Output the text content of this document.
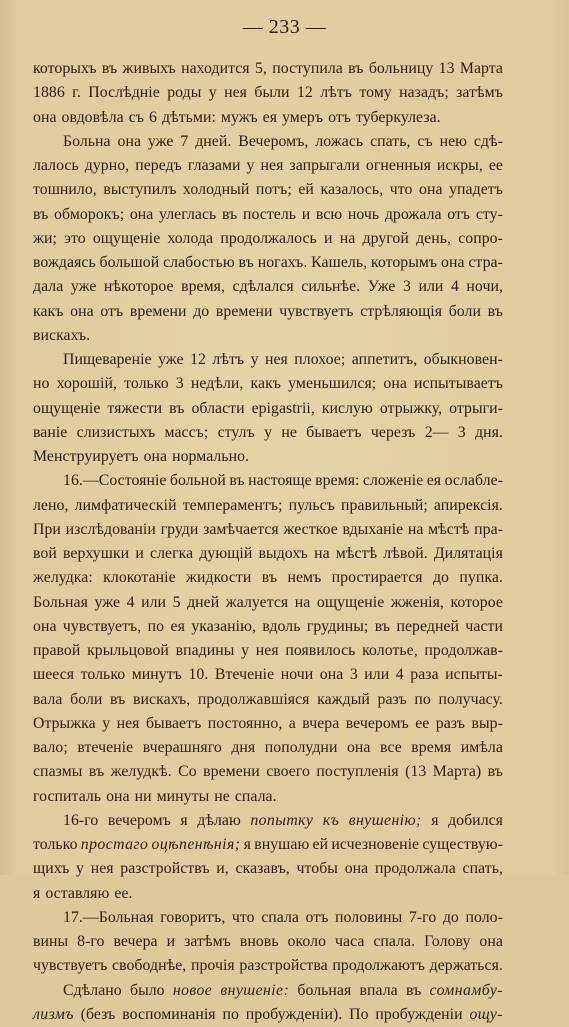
— 233 —
которыхъ въ живыхъ находится 5, поступила въ больницу 13 Марта
1886 г. Послѣдніе роды у нея были 12 лѣтъ тому назадъ; затѣмъ
она овдовѣла съ 6 дѣтьми: мужъ ея умеръ отъ туберкулеза.
Больна она уже 7 дней. Вечеромъ, ложась спать, съ нею сдѣ-
лалось дурно, передъ глазами у нея запрыгали огненныя искры, ее
тошнило, выступилъ холодный потъ; ей казалось, что она упадетъ
въ обморокъ; она улеглась въ постель и всю ночь дрожала отъ сту-
жи; это ощущеніе холода продолжалось и на другой день, сопро-
вождаясь большой слабостью въ ногахъ. Кашель, которымъ она стра-
дала уже нѣкоторое время, сдѣлался сильнѣе. Уже 3 или 4 ночи,
какъ она отъ времени до времени чувствуетъ стрѣляющія боли въ
вискахъ.
Пищевареніе уже 12 лѣтъ у нея плохое; аппетитъ, обыкновен-
но хорошій, только 3 недѣли, какъ уменьшился; она испытываетъ
ощущеніе тяжести въ области epigastrii, кислую отрыжку, отрыги-
ваніе слизистыхъ массъ; стулъ у не бываетъ черезъ 2— 3 дня.
Менструируетъ она нормально.
16.—Состояніе больной въ настояще время: сложеніе ея ослабле-
лено, лимфатическій темпераментъ; пульсъ правильный; апирексія.
При изслѣдованіи груди замѣчается жесткое вдыханіе на мѣстѣ пра-
вой верхушки и слегка дующій выдохъ на мѣстѣ лѣвой. Дилятація
желудка: клокотаніе жидкости въ немъ простирается до пупка.
Больная уже 4 или 5 дней жалуется на ощущеніе жженія, которое
она чувствуетъ, по ея указанію, вдоль грудины; въ передней части
правой крыльцовой впадины у нея появилось колотье, продолжав-
шееся только минутъ 10. Втеченіе ночи она 3 или 4 раза испыты-
вала боли въ вискахъ, продолжавшіяся каждый разъ по получасу.
Отрыжка у нея бываетъ постоянно, а вчера вечеромъ ее разъ выр-
вало; втеченіе вчерашняго дня пополудни она все время имѣла
спазмы въ желудкѣ. Со времени своего поступленія (13 Марта) въ
госпиталь она ни минуты не спала.
16-го вечеромъ я дѣлаю попытку къ внушенію; я добился
только простаго оцѣпенѣнія; я внушаю ей исчезновеніе существую-
щихъ у нея разстройствъ и, сказавъ, чтобы она продолжала спать,
я оставляю ее.
17.—Больная говоритъ, что спала отъ половины 7-го до поло-
вины 8-го вечера и затѣмъ вновь около часа спала. Голову она
чувствуетъ свободнѣе, прочія разстройства продолжаютъ держаться.
Сдѣлано было новое внушеніе: больная впала въ сомнамбу-
лизмъ (безъ воспоминанія по пробужденіи). По пробужденіи ощу-
